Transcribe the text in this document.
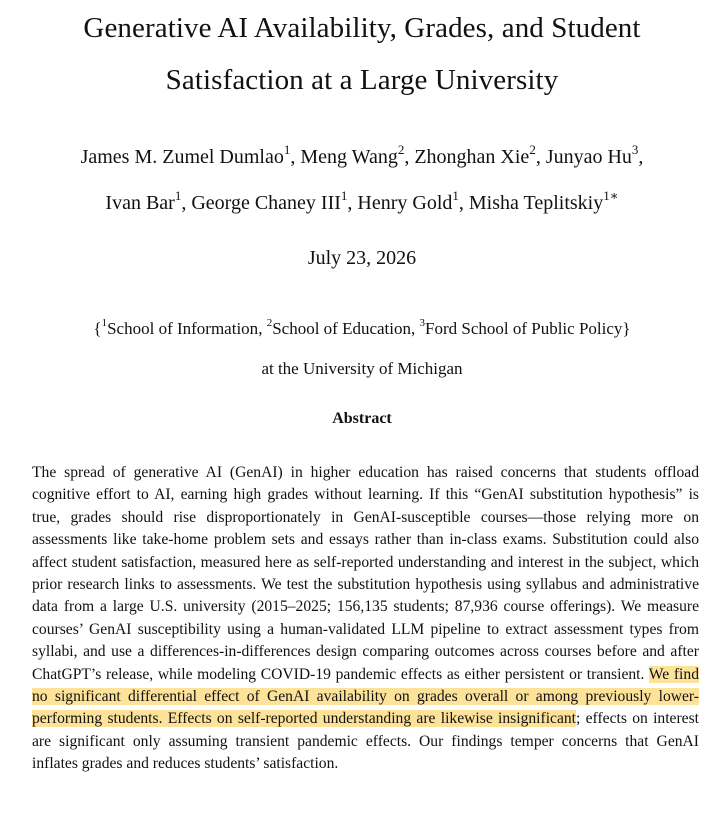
Generative AI Availability, Grades, and Student
Satisfaction at a Large University
James M. Zumel Dumlao$^1$, Meng Wang$^2$, Zhonghan Xie$^2$, Junyao Hu$^3$,
Ivan Bar$^1$, George Chaney III$^1$, Henry Gold$^1$, Misha Teplitskiy$^{1∗}$
July 23, 2026
{$^1$School of Information, $^2$School of Education, $^3$Ford School of Public Policy}
at the University of Michigan
Abstract
The spread of generative AI (GenAI) in higher education has raised concerns that students offload cognitive effort to AI, earning high grades without learning. If this “GenAI substitution hypothesis” is true, grades should rise disproportionately in GenAI-susceptible courses—those relying more on assessments like take-home problem sets and essays rather than in-class exams. Substitution could also affect student satisfaction, measured here as self-reported understanding and interest in the subject, which prior research links to assessments. We test the substitution hypothesis using syllabus and administrative data from a large U.S. university (2015–2025; 156,135 students; 87,936 course offerings). We measure courses’ GenAI susceptibility using a human-validated LLM pipeline to extract assessment types from syllabi, and use a differences-in-differences design comparing outcomes across courses before and after ChatGPT’s release, while modeling COVID-19 pandemic effects as either persistent or transient. We find no significant differential effect of GenAI availability on grades overall or among previously lower-performing students. Effects on self-reported understanding are likewise insignificant; effects on interest are significant only assuming transient pandemic effects. Our findings temper concerns that GenAI inflates grades and reduces students’ satisfaction.
